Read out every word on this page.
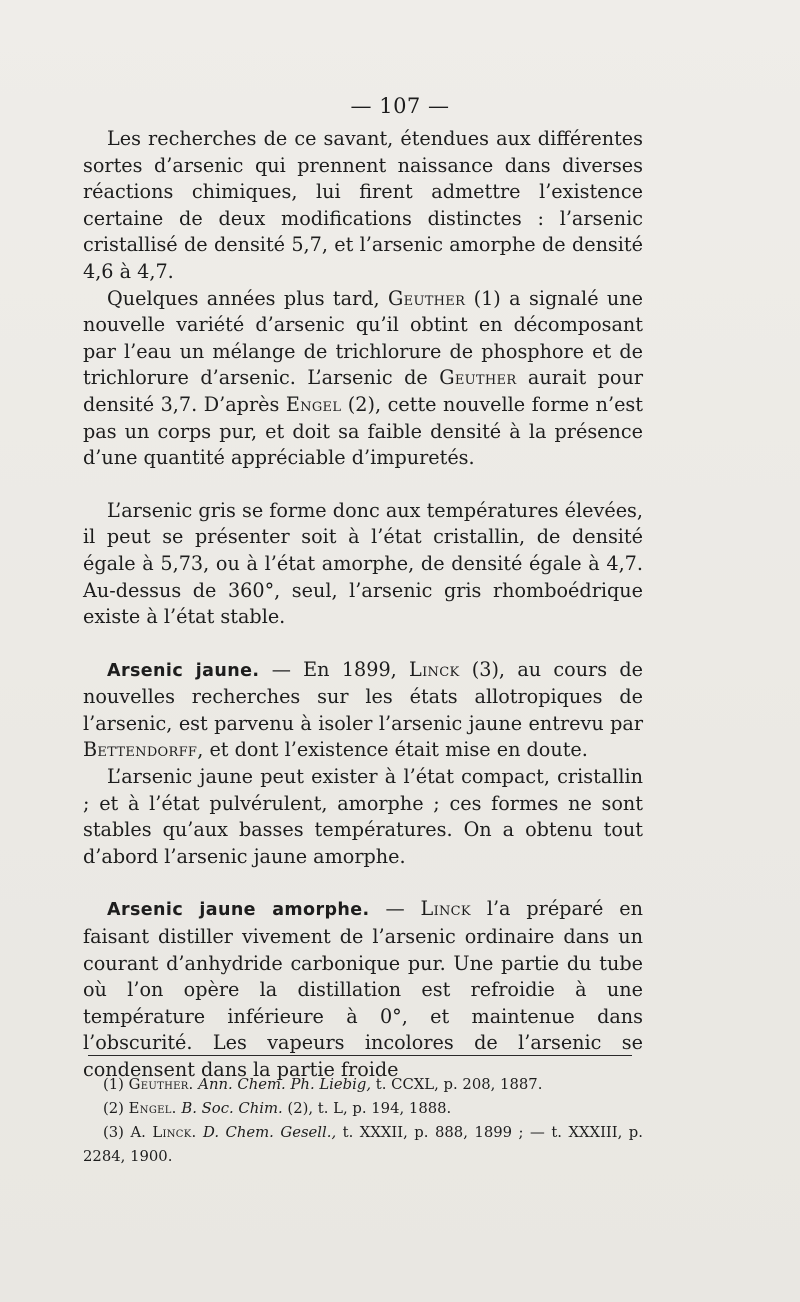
— 107 —

Les recherches de ce savant, étendues aux différentes sortes d’arsenic qui prennent naissance dans diverses réactions chimiques, lui firent admettre l’existence certaine de deux modifications distinctes : l’arsenic cristallisé de densité 5,7, et l’arsenic amorphe de densité 4,6 à 4,7.

Quelques années plus tard, Geuther (1) a signalé une nouvelle variété d’arsenic qu’il obtint en décomposant par l’eau un mélange de trichlorure de phosphore et de trichlorure d’arsenic. L’arsenic de Geuther aurait pour densité 3,7. D’après Engel (2), cette nouvelle forme n’est pas un corps pur, et doit sa faible densité à la présence d’une quantité appréciable d’impuretés.

L’arsenic gris se forme donc aux températures élevées, il peut se présenter soit à l’état cristallin, de densité égale à 5,73, ou à l’état amorphe, de densité égale à 4,7. Au-dessus de 360°, seul, l’arsenic gris rhomboédrique existe à l’état stable.

Arsenic jaune. — En 1899, Linck (3), au cours de nouvelles recherches sur les états allotropiques de l’arsenic, est parvenu à isoler l’arsenic jaune entrevu par Bettendorff, et dont l’existence était mise en doute.

L’arsenic jaune peut exister à l’état compact, cristallin ; et à l’état pulvérulent, amorphe ; ces formes ne sont stables qu’aux basses températures. On a obtenu tout d’abord l’arsenic jaune amorphe.

Arsenic jaune amorphe. — Linck l’a préparé en faisant distiller vivement de l’arsenic ordinaire dans un courant d’anhydride carbonique pur. Une partie du tube où l’on opère la distillation est refroidie à une température inférieure à 0°, et maintenue dans l’obscurité. Les vapeurs incolores de l’arsenic se condensent dans la partie froide

(1) Geuther. Ann. Chem. Ph. Liebig, t. CCXL, p. 208, 1887.

(2) Engel. B. Soc. Chim. (2), t. L, p. 194, 1888.

(3) A. Linck. D. Chem. Gesell., t. XXXII, p. 888, 1899 ; — t. XXXIII, p. 2284, 1900.
